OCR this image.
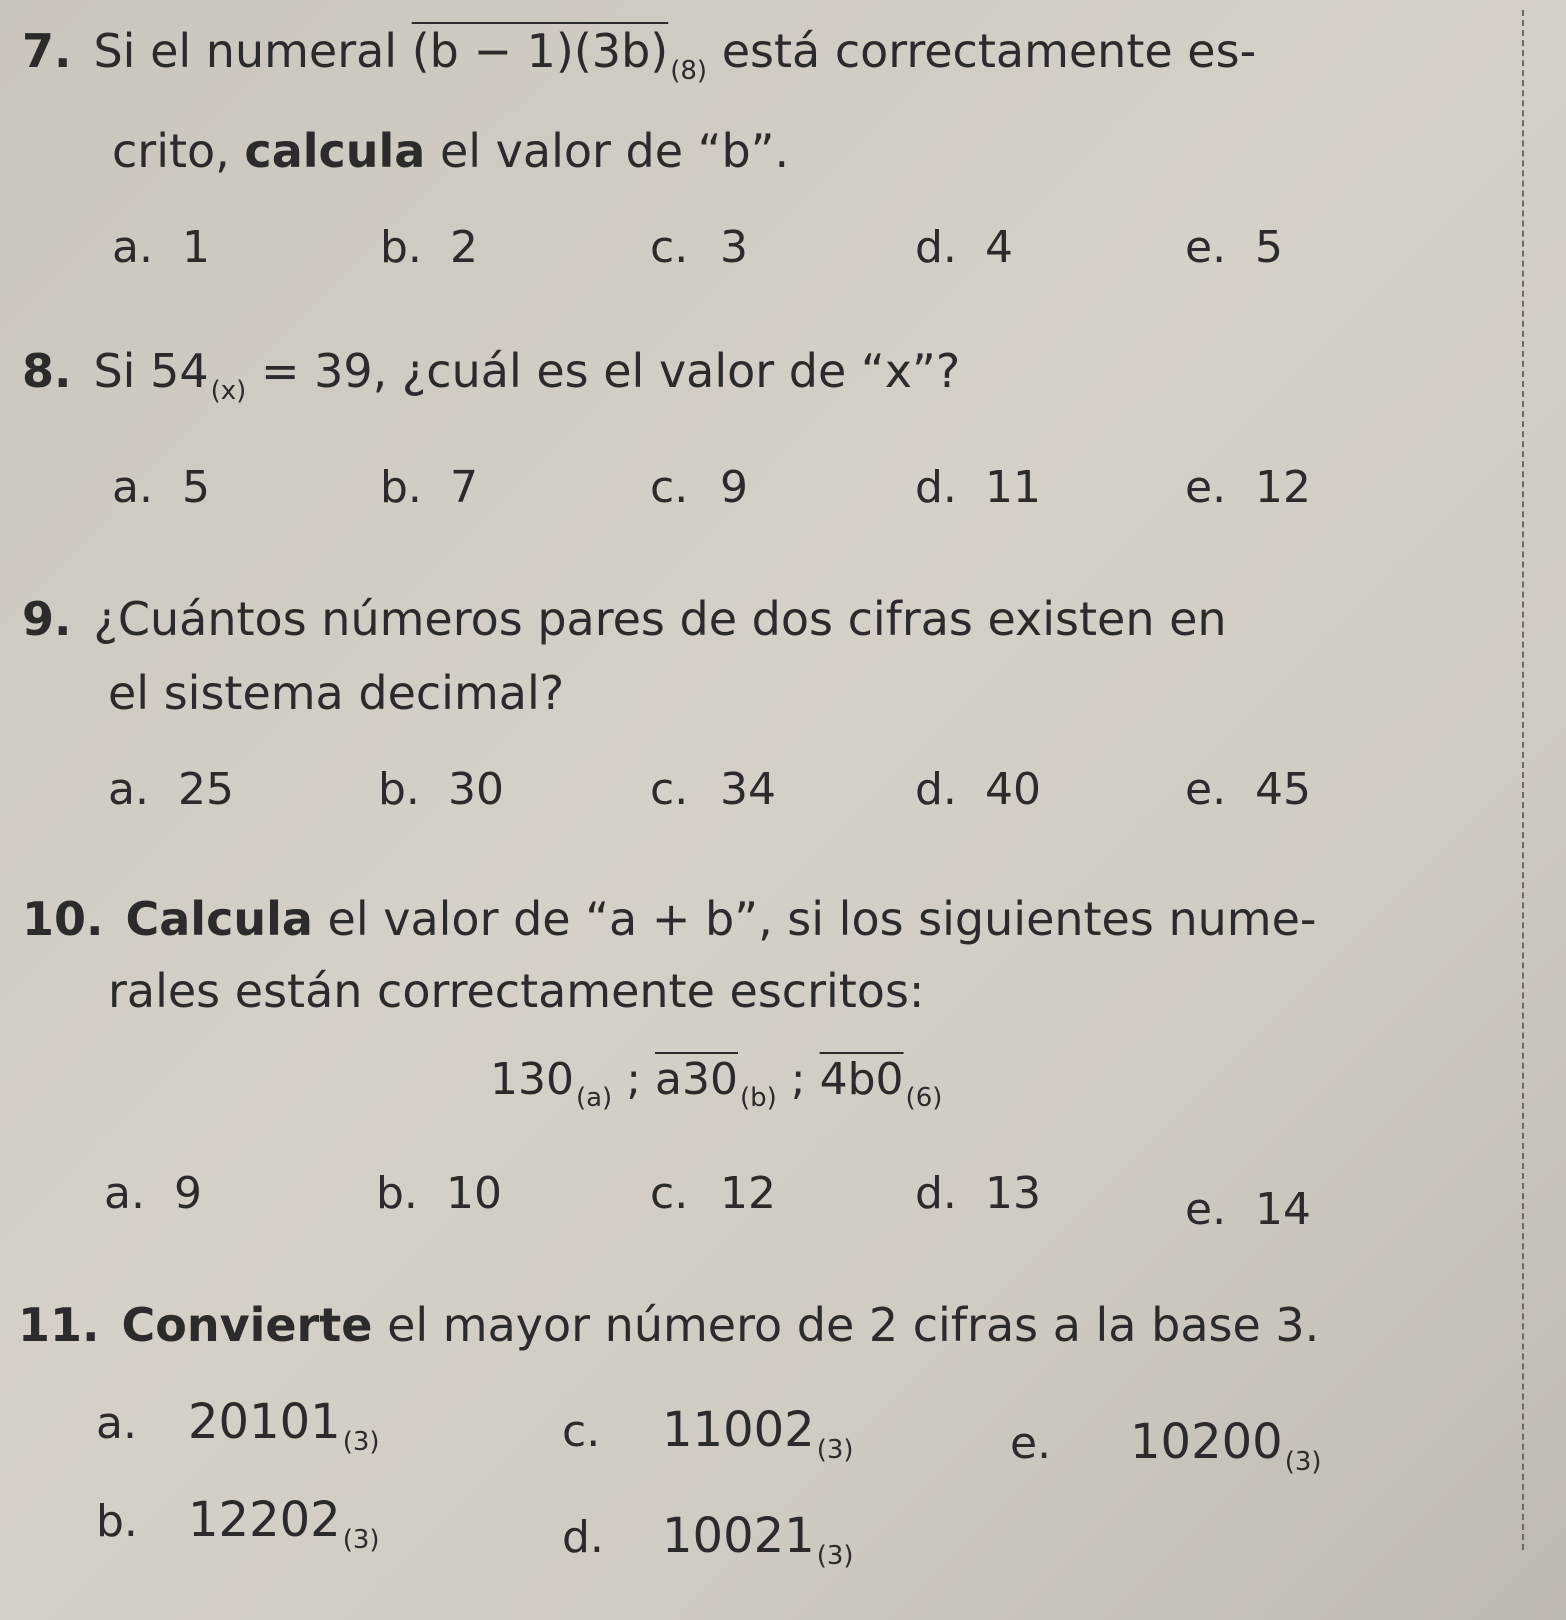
7. Si el numeral $(b - 1)(3b)_{(8)}$ está correctamente es-
crito, calcula el valor de “b”.
a. 1	b. 2	c. 3	d. 4	e. 5
8. Si $54_{(x)} = 39$, ¿cuál es el valor de “x”?
a. 5	b. 7	c. 9	d. 11	e. 12
9. ¿Cuántos números pares de dos cifras existen en
el sistema decimal?
a. 25	b. 30	c. 34	d. 40	e. 45
10. Calcula el valor de “a + b”, si los siguientes nume-
rales están correctamente escritos:
$130_{(a)}$ ; $a30_{(b)}$ ; $4b0_{(6)}$
a. 9	b. 10	c. 12	d. 13	e. 14
11. Convierte el mayor número de 2 cifras a la base 3.
a. $20101_{(3)}$	c. $11002_{(3)}$	e. $10200_{(3)}$
b. $12202_{(3)}$	d. $10021_{(3)}$
